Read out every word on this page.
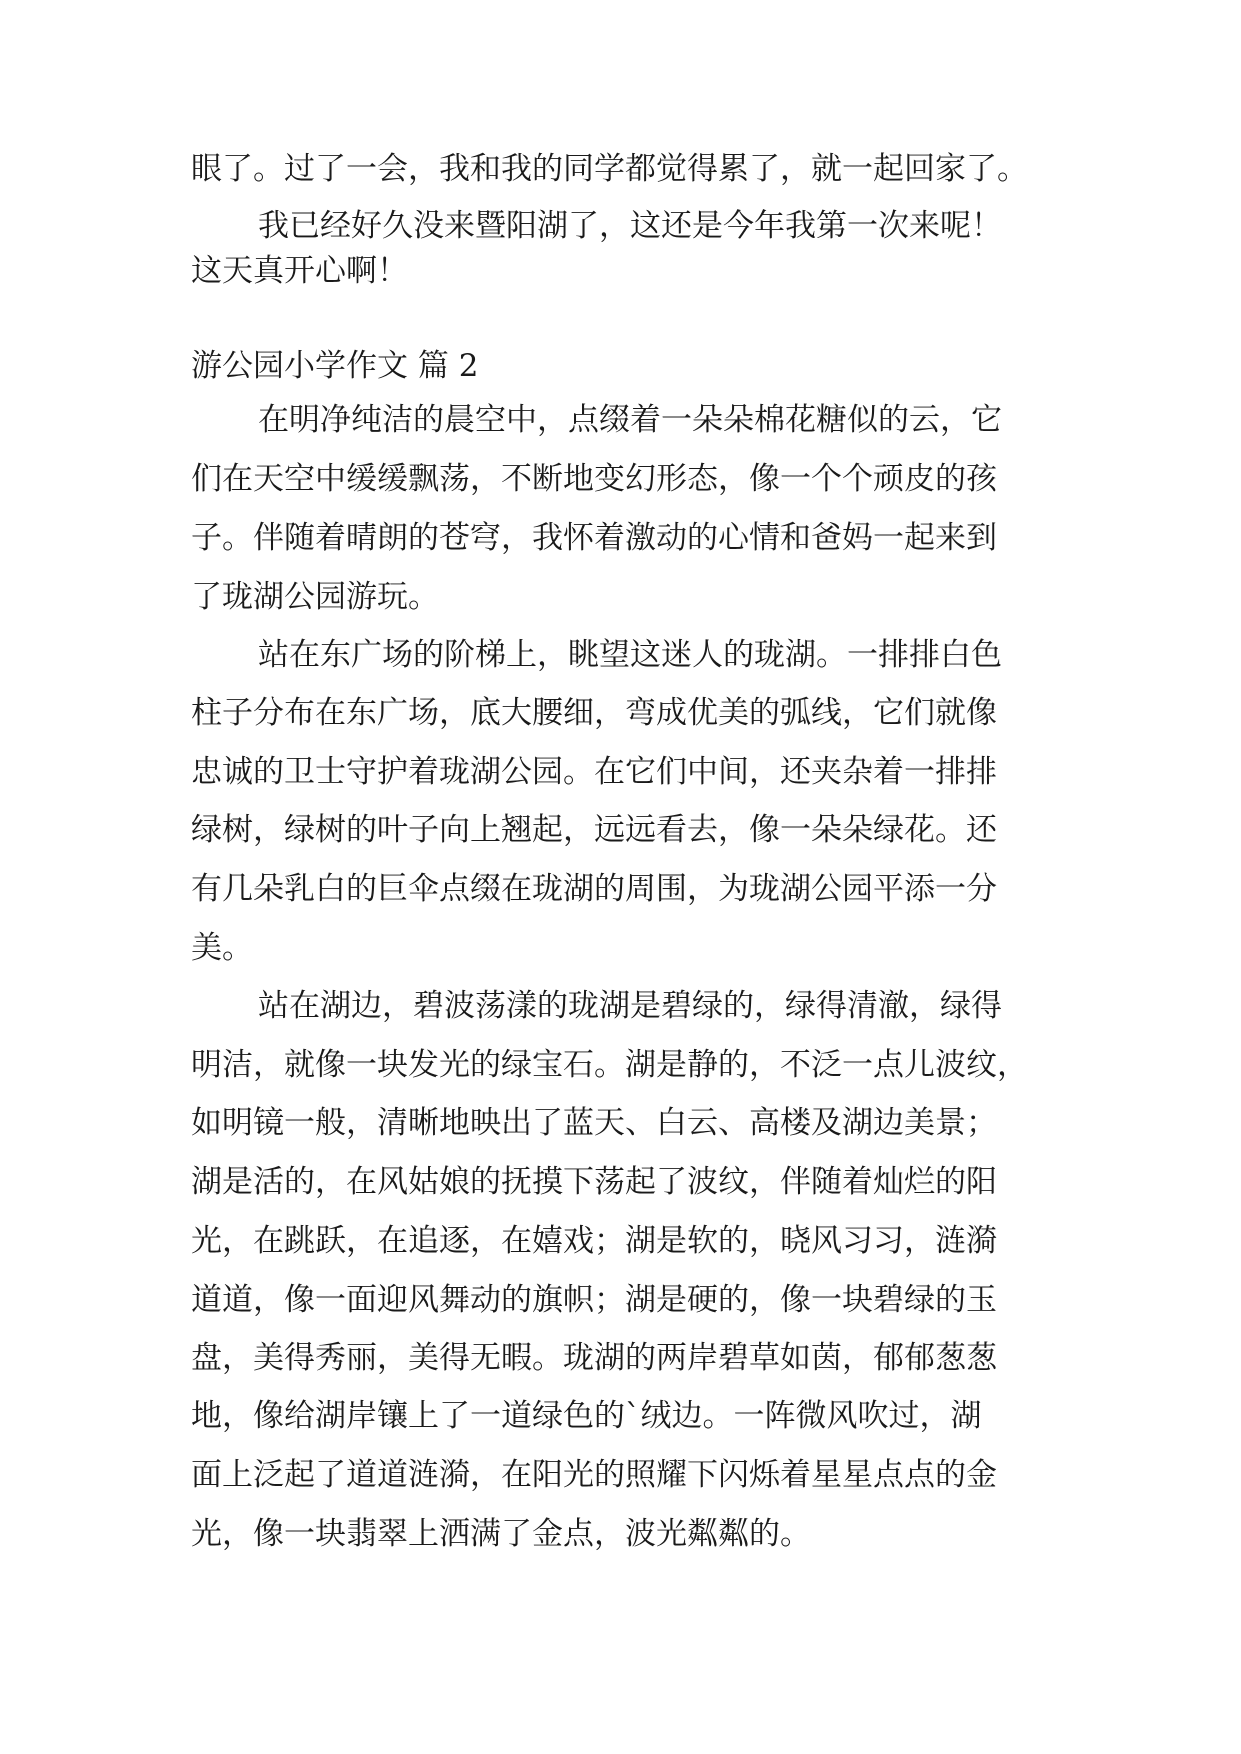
眼了。过了一会，我和我的同学都觉得累了，就一起回家了。
我已经好久没来暨阳湖了，这还是今年我第一次来呢！
这天真开心啊！
游公园小学作文 篇 2
在明净纯洁的晨空中，点缀着一朵朵棉花糖似的云，它
们在天空中缓缓飘荡，不断地变幻形态，像一个个顽皮的孩
子。伴随着晴朗的苍穹，我怀着激动的心情和爸妈一起来到
了珑湖公园游玩。
站在东广场的阶梯上，眺望这迷人的珑湖。一排排白色
柱子分布在东广场，底大腰细，弯成优美的弧线，它们就像
忠诚的卫士守护着珑湖公园。在它们中间，还夹杂着一排排
绿树，绿树的叶子向上翘起，远远看去，像一朵朵绿花。还
有几朵乳白的巨伞点缀在珑湖的周围，为珑湖公园平添一分
美。
站在湖边，碧波荡漾的珑湖是碧绿的，绿得清澈，绿得
明洁，就像一块发光的绿宝石。湖是静的，不泛一点儿波纹，
如明镜一般，清晰地映出了蓝天、白云、高楼及湖边美景；
湖是活的，在风姑娘的抚摸下荡起了波纹，伴随着灿烂的阳
光，在跳跃，在追逐，在嬉戏；湖是软的，晓风习习，涟漪
道道，像一面迎风舞动的旗帜；湖是硬的，像一块碧绿的玉
盘，美得秀丽，美得无暇。珑湖的两岸碧草如茵，郁郁葱葱
地，像给湖岸镶上了一道绿色的`绒边。一阵微风吹过，湖
面上泛起了道道涟漪，在阳光的照耀下闪烁着星星点点的金
光，像一块翡翠上洒满了金点，波光粼粼的。
